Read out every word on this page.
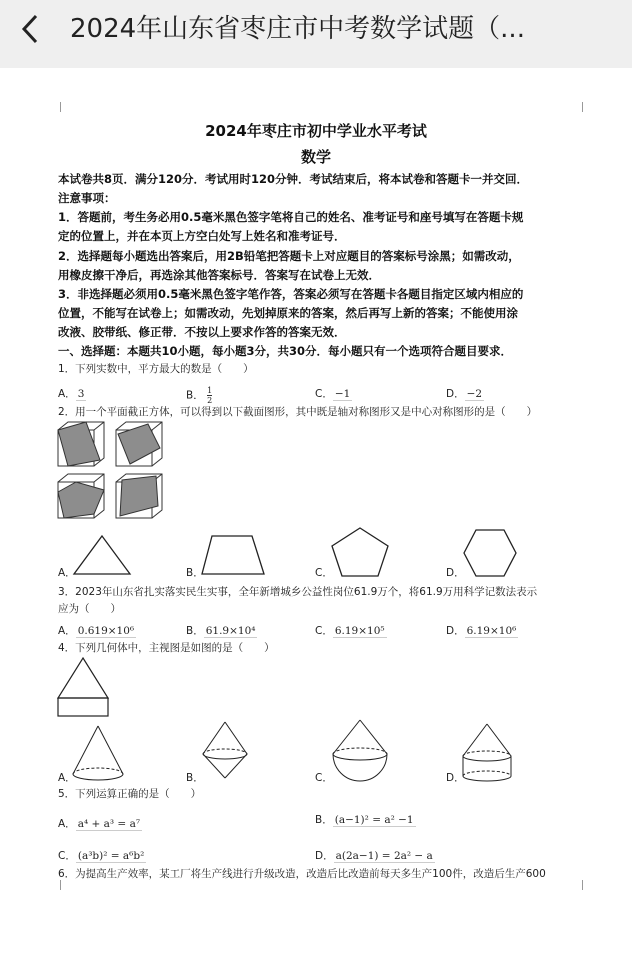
2024年山东省枣庄市中考数学试题（...
2024年枣庄市初中学业水平考试
数学
本试卷共8页．满分120分．考试用时120分钟．考试结束后，将本试卷和答题卡一并交回．
注意事项：
1．答题前，考生务必用0.5毫米黑色签字笔将自己的姓名、准考证号和座号填写在答题卡规
定的位置上，并在本页上方空白处写上姓名和准考证号．
2．选择题每小题选出答案后，用2B铅笔把答题卡上对应题目的答案标号涂黑；如需改动，
用橡皮擦干净后，再选涂其他答案标号．答案写在试卷上无效．
3．非选择题必须用0.5毫米黑色签字笔作答，答案必须写在答题卡各题目指定区域内相应的
位置，不能写在试卷上；如需改动，先划掉原来的答案，然后再写上新的答案；不能使用涂
改液、胶带纸、修正带．不按以上要求作答的答案无效．
一、选择题：本题共10小题，每小题3分，共30分．每小题只有一个选项符合题目要求．
1．下列实数中，平方最大的数是（　　）
A． 3	B． $\frac{1}{2}$	C． −1	D． −2
2．用一个平面截正方体，可以得到以下截面图形，其中既是轴对称图形又是中心对称图形的是（　　）
A．	B．	C．	D．
3．2023年山东省扎实落实民生实事，全年新增城乡公益性岗位61.9万个，将61.9万用科学记数法表示
应为（　　）
A． 0.619×10⁶	B． 61.9×10⁴	C． 6.19×10⁵	D． 6.19×10⁶
4．下列几何体中，主视图是如图的是（　　）
A．	B．	C．	D．
5．下列运算正确的是（　　）
A． a⁴ + a³ = a⁷	B． (a−1)² = a² −1
C． (a³b)² = a⁶b²	D． a(2a−1) = 2a² − a
6．为提高生产效率，某工厂将生产线进行升级改造，改造后比改造前每天多生产100件，改造后生产600
